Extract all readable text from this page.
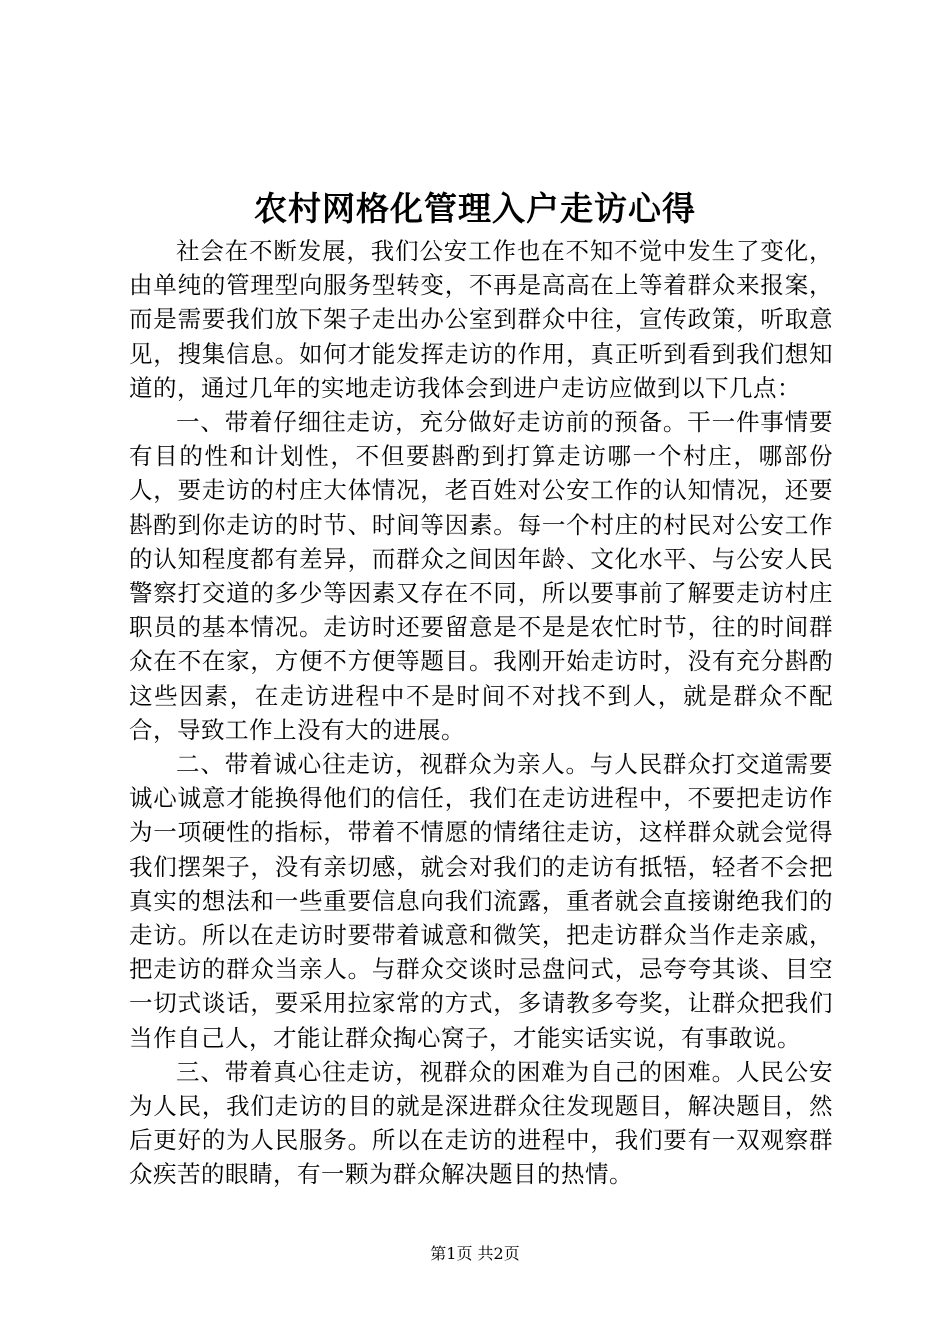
农村网格化管理入户走访心得

社会在不断发展，我们公安工作也在不知不觉中发生了变化，由单纯的管理型向服务型转变，不再是高高在上等着群众来报案，而是需要我们放下架子走出办公室到群众中往，宣传政策，听取意见，搜集信息。如何才能发挥走访的作用，真正听到看到我们想知道的，通过几年的实地走访我体会到进户走访应做到以下几点：

一、带着仔细往走访，充分做好走访前的预备。干一件事情要有目的性和计划性，不但要斟酌到打算走访哪一个村庄，哪部份人，要走访的村庄大体情况，老百姓对公安工作的认知情况，还要斟酌到你走访的时节、时间等因素。每一个村庄的村民对公安工作的认知程度都有差异，而群众之间因年龄、文化水平、与公安人民警察打交道的多少等因素又存在不同，所以要事前了解要走访村庄职员的基本情况。走访时还要留意是不是是农忙时节，往的时间群众在不在家，方便不方便等题目。我刚开始走访时，没有充分斟酌这些因素，在走访进程中不是时间不对找不到人，就是群众不配合，导致工作上没有大的进展。

二、带着诚心往走访，视群众为亲人。与人民群众打交道需要诚心诚意才能换得他们的信任，我们在走访进程中，不要把走访作为一项硬性的指标，带着不情愿的情绪往走访，这样群众就会觉得我们摆架子，没有亲切感，就会对我们的走访有抵牾，轻者不会把真实的想法和一些重要信息向我们流露，重者就会直接谢绝我们的走访。所以在走访时要带着诚意和微笑，把走访群众当作走亲戚，把走访的群众当亲人。与群众交谈时忌盘问式，忌夸夸其谈、目空一切式谈话，要采用拉家常的方式，多请教多夸奖，让群众把我们当作自己人，才能让群众掏心窝子，才能实话实说，有事敢说。

三、带着真心往走访，视群众的困难为自己的困难。人民公安为人民，我们走访的目的就是深进群众往发现题目，解决题目，然后更好的为人民服务。所以在走访的进程中，我们要有一双观察群众疾苦的眼睛，有一颗为群众解决题目的热情。

第1页 共2页
